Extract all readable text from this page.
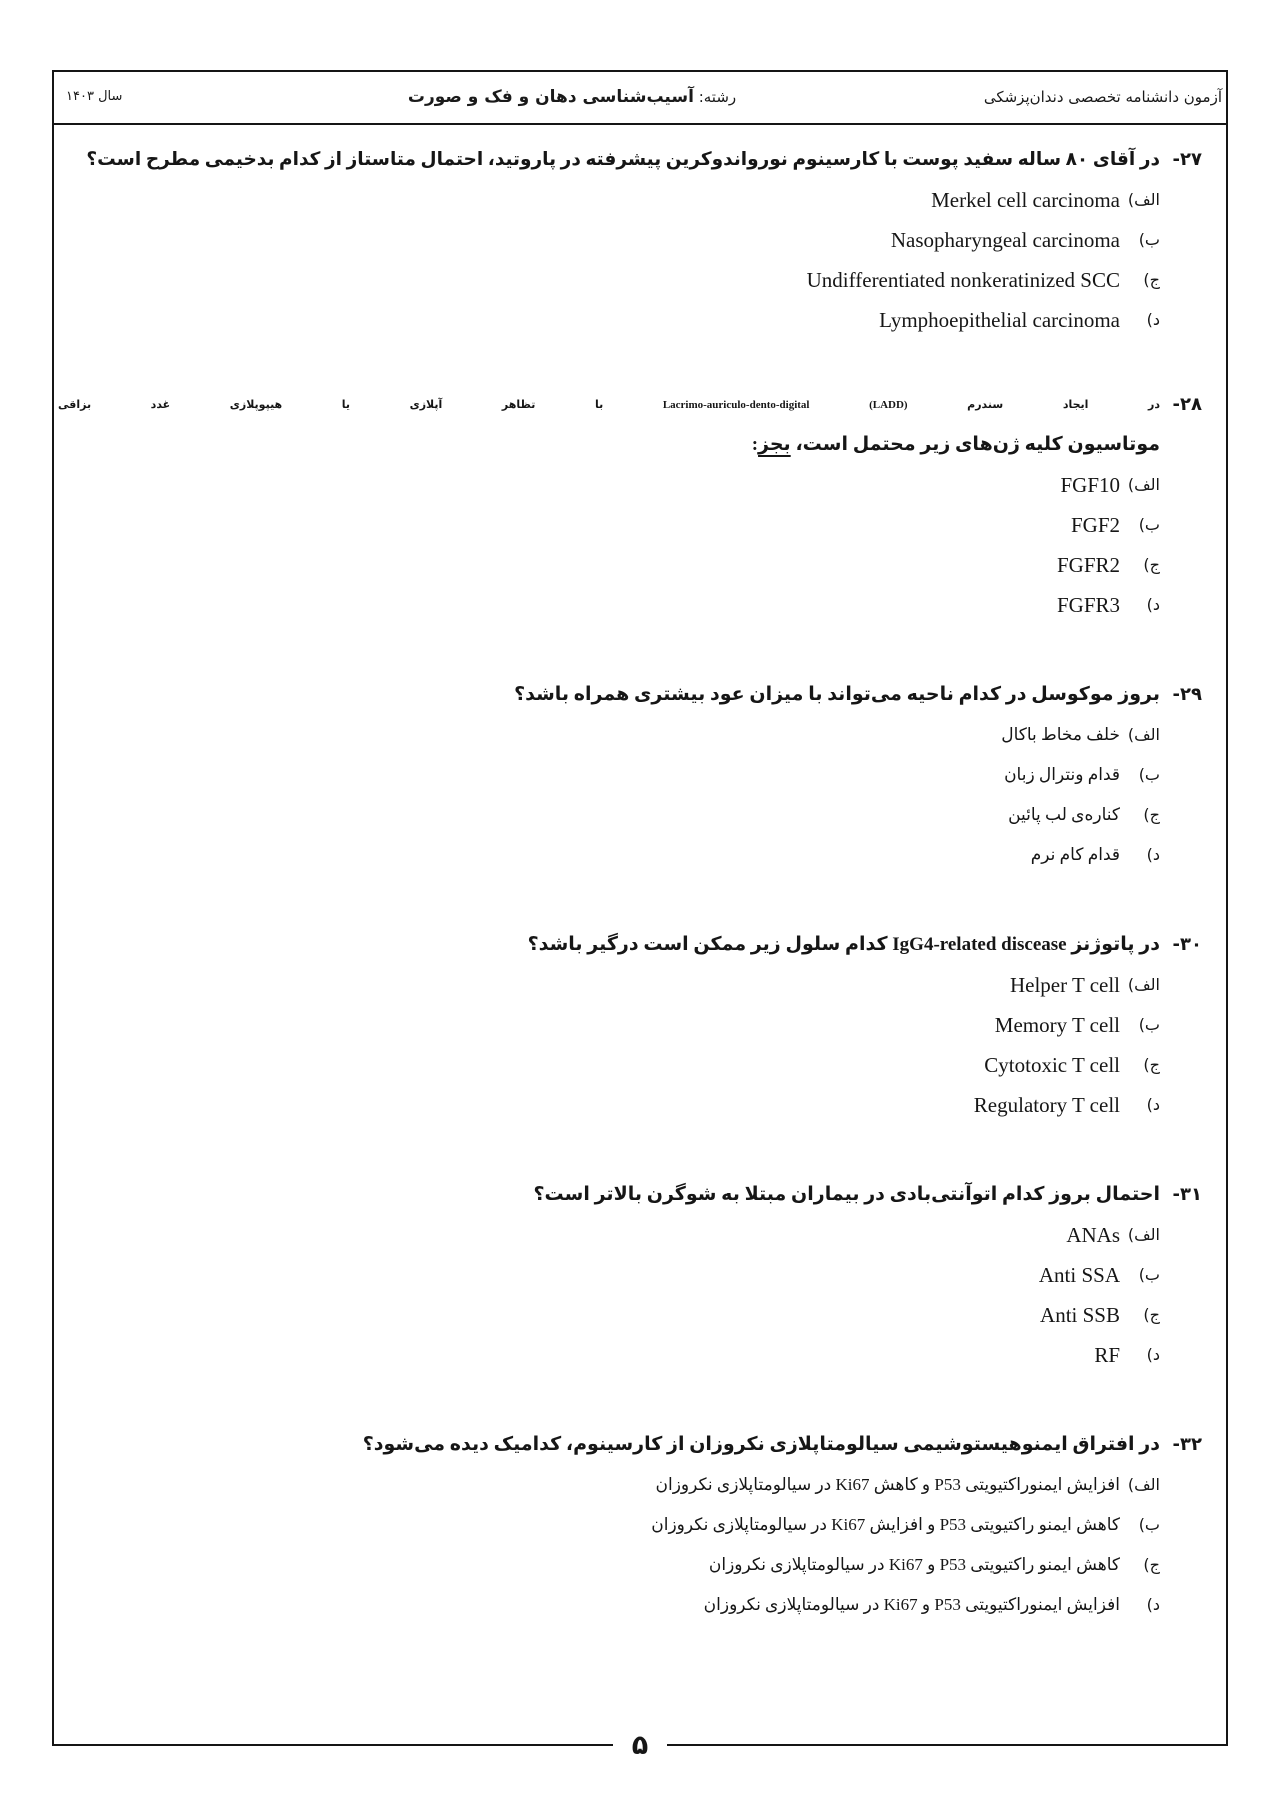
آزمون دانشنامه تخصصی دندان‌پزشکی
رشته: آسیب‌شناسی دهان و فک و صورت
سال ۱۴۰۳
-۲۷
در آقای ۸۰ ساله سفید پوست با کارسینوم نورواندوکرین پیشرفته در پاروتید، احتمال متاستاز از کدام بدخیمی مطرح است؟
الف)
Merkel cell carcinoma
ب)
Nasopharyngeal carcinoma
ج)
Undifferentiated nonkeratinized SCC
د)
Lymphoepithelial carcinoma
-۲۸
در ایجاد سندرم Lacrimo-auriculo-dento-digital (LADD) با تظاهر آپلازی یا هیپوپلازی غدد بزاقی
موتاسیون کلیه ژن‌های زیر محتمل است، بجز:
الف)
FGF10
ب)
FGF2
ج)
FGFR2
د)
FGFR3
-۲۹
بروز موکوسل در کدام ناحیه می‌تواند با میزان عود بیشتری همراه باشد؟
الف)
خلف مخاط باکال
ب)
قدام ونترال زبان
ج)
کناره‌ی لب پائین
د)
قدام کام نرم
-۳۰
در پاتوژنز IgG4-related discease کدام سلول زیر ممکن است درگیر باشد؟
الف)
Helper T cell
ب)
Memory T cell
ج)
Cytotoxic T cell
د)
Regulatory T cell
-۳۱
احتمال بروز کدام اتوآنتی‌بادی در بیماران مبتلا به شوگرن بالاتر است؟
الف)
ANAs
ب)
Anti SSA
ج)
Anti SSB
د)
RF
-۳۲
در افتراق ایمنوهیستوشیمی سیالومتاپلازی نکروزان از کارسینوم، کدامیک دیده می‌شود؟
الف)
افزایش ایمنوراکتیویتی P53 و کاهش Ki67 در سیالومتاپلازی نکروزان
ب)
کاهش ایمنو راکتیویتی P53 و افزایش Ki67 در سیالومتاپلازی نکروزان
ج)
کاهش ایمنو راکتیویتی P53 و Ki67 در سیالومتاپلازی نکروزان
د)
افزایش ایمنوراکتیویتی P53 و Ki67 در سیالومتاپلازی نکروزان
۵
